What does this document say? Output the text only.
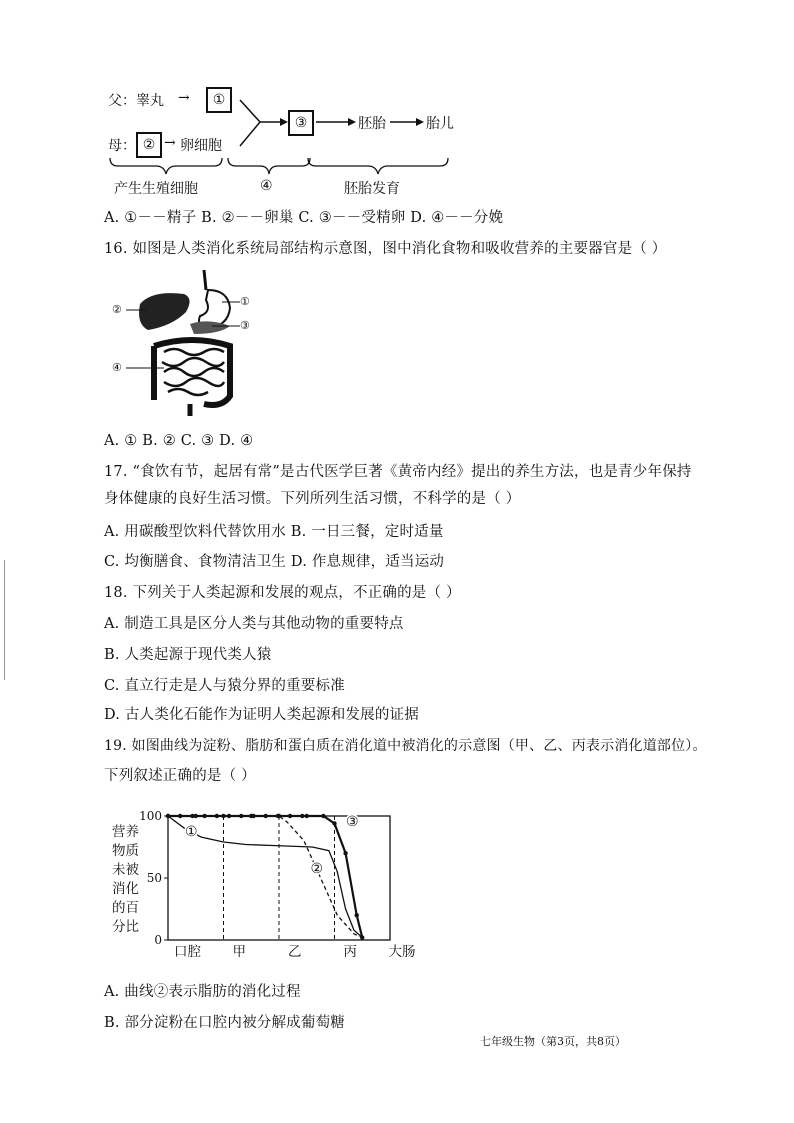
父：睾丸 →	①
母： ② → 卵细胞
③	胚胎	胎儿
产生生殖细胞	④	胚胎发育
A. ①－－精子 B. ②－－卵巢 C. ③－－受精卵 D. ④－－分娩
16. 如图是人类消化系统局部结构示意图，图中消化食物和吸收营养的主要器官是（ ）
②
①
③
④
A. ① B. ② C. ③ D. ④
17. “食饮有节，起居有常”是古代医学巨著《黄帝内经》提出的养生方法，也是青少年保持
身体健康的良好生活习惯。下列所列生活习惯，不科学的是（ ）
A. 用碳酸型饮料代替饮用水 B. 一日三餐，定时适量
C. 均衡膳食、食物清洁卫生 D. 作息规律，适当运动
18. 下列关于人类起源和发展的观点，不正确的是（ ）
A. 制造工具是区分人类与其他动物的重要特点
B. 人类起源于现代类人猿
C. 直立行走是人与猿分界的重要标准
D. 古人类化石能作为证明人类起源和发展的证据
19. 如图曲线为淀粉、脂肪和蛋白质在消化道中被消化的示意图（甲、乙、丙表示消化道部位）。
下列叙述正确的是（ ）
100
50
0
营养
物质
未被
消化
的百
分比
口腔 甲	乙	丙 大肠
①
②
③
A. 曲线②表示脂肪的消化过程
B. 部分淀粉在口腔内被分解成葡萄糖
七年级生物（第3页，共8页）
